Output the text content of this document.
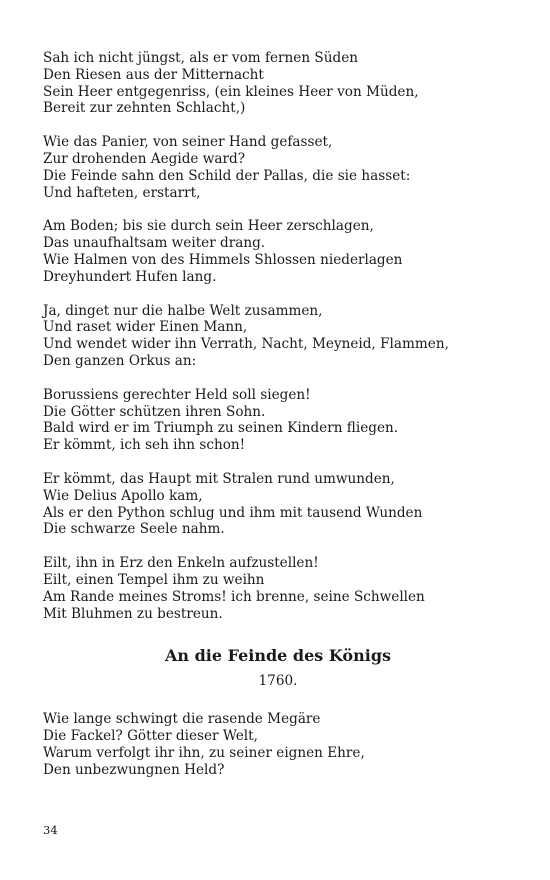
Sah ich nicht jüngst, als er vom fernen Süden
Den Riesen aus der Mitternacht
Sein Heer entgegenriss, (ein kleines Heer von Müden,
Bereit zur zehnten Schlacht,)
Wie das Panier, von seiner Hand gefasset,
Zur drohenden Aegide ward?
Die Feinde sahn den Schild der Pallas, die sie hasset:
Und hafteten, erstarrt,
Am Boden; bis sie durch sein Heer zerschlagen,
Das unaufhaltsam weiter drang.
Wie Halmen von des Himmels Shlossen niederlagen
Dreyhundert Hufen lang.
Ja, dinget nur die halbe Welt zusammen,
Und raset wider Einen Mann,
Und wendet wider ihn Verrath, Nacht, Meyneid, Flammen,
Den ganzen Orkus an:
Borussiens gerechter Held soll siegen!
Die Götter schützen ihren Sohn.
Bald wird er im Triumph zu seinen Kindern fliegen.
Er kömmt, ich seh ihn schon!
Er kömmt, das Haupt mit Stralen rund umwunden,
Wie Delius Apollo kam,
Als er den Python schlug und ihm mit tausend Wunden
Die schwarze Seele nahm.
Eilt, ihn in Erz den Enkeln aufzustellen!
Eilt, einen Tempel ihm zu weihn
Am Rande meines Stroms! ich brenne, seine Schwellen
Mit Bluhmen zu bestreun.
An die Feinde des Königs
1760.
Wie lange schwingt die rasende Megäre
Die Fackel? Götter dieser Welt,
Warum verfolgt ihr ihn, zu seiner eignen Ehre,
Den unbezwungnen Held?
34
